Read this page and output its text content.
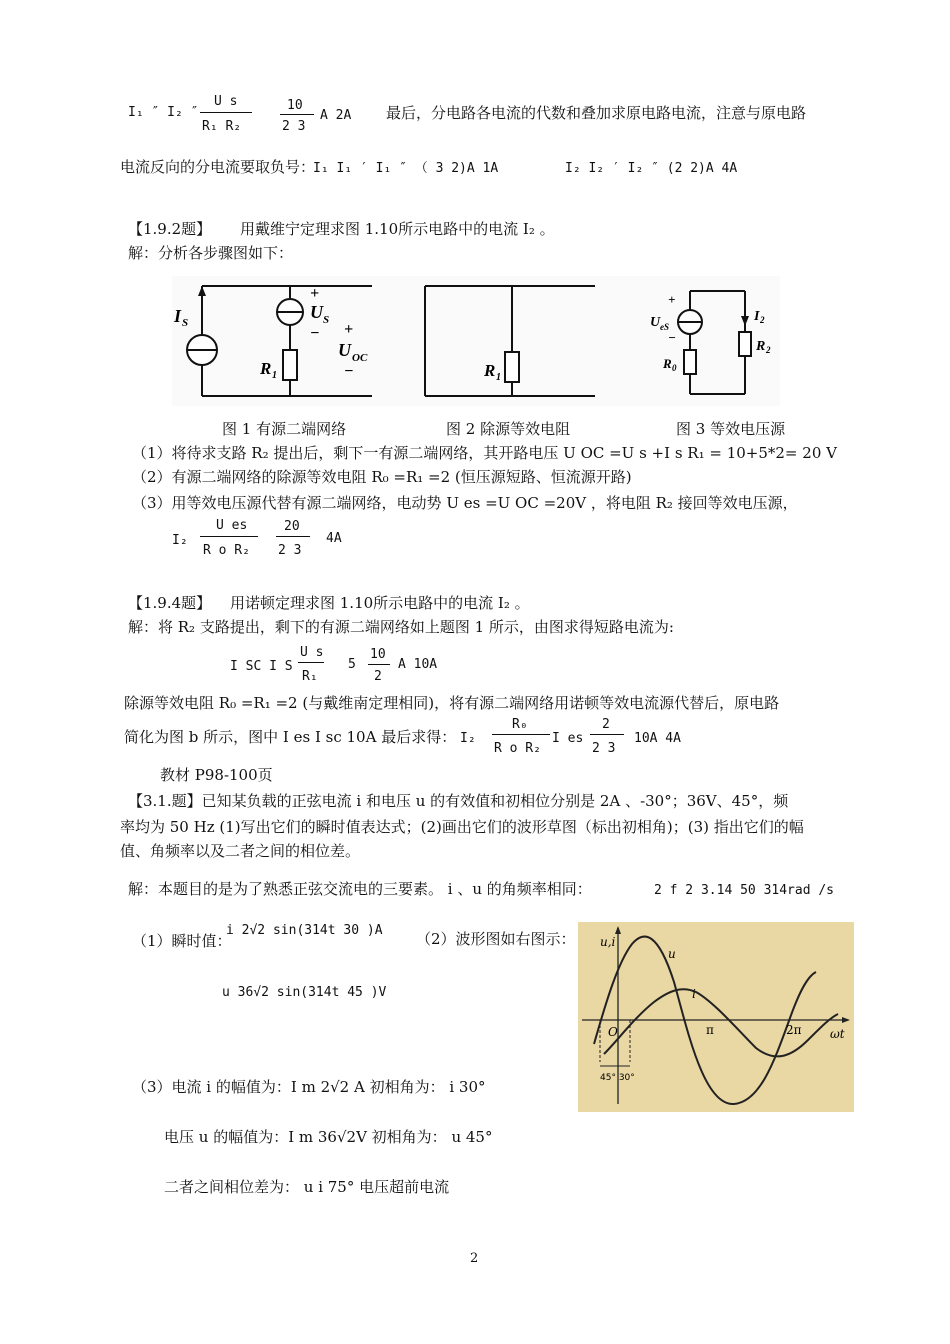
I₁ ″ I₂ ″
U s
R₁ R₂
10
2 3
A 2A 最后，分电路各电流的代数和叠加求原电路电流，注意与原电路
电流反向的分电流要取负号：
I₁ I₁ ′ I₁ ″ （ 3 2)A 1A	I₂ I₂ ′ I₂ ″ (2 2)A 4A
【1.9.2题】 用戴维宁定理求图 1.10所示电路中的电流 I₂ 。
解：分析各步骤图如下：
I S
+
U S
− +
U OC
−
R 1	R 1
+
U eS
−
R 0
I 2
R 2
图 1 有源二端网络	图 2 除源等效电阻	图 3 等效电压源
（1）将待求支路 R₂ 提出后，剩下一有源二端网络，其开路电压 U OC =U s +I s R₁ = 10+5*2= 20 V
（2）有源二端网络的除源等效电阻 R₀ =R₁ =2 (恒压源短路、恒流源开路)
（3）用等效电压源代替有源二端网络，电动势 U es =U OC =20V ，将电阻 R₂ 接回等效电压源，
I₂
U es
R o R₂
20
2 3
4A
【1.9.4题】 用诺顿定理求图 1.10所示电路中的电流 I₂ 。
解：将 R₂ 支路提出，剩下的有源二端网络如上题图 1 所示，由图求得短路电流为:
I SC I S
U s
R₁
5
10
2
A 10A
除源等效电阻 R₀ =R₁ =2 (与戴维南定理相同)，将有源二端网络用诺顿等效电流源代替后，原电路
简化为图 b 所示，图中 I es I sc 10A 最后求得： I₂
R₀
R o R₂
I es
2
2 3
10A 4A
教材 P98-100页
【3.1.题】已知某负载的正弦电流 i 和电压 u 的有效值和初相位分别是 2A 、-30°；36V、45°，频
率均为 50 Hz (1)写出它们的瞬时值表达式；(2)画出它们的波形草图（标出初相角)；(3) 指出它们的幅
值、角频率以及二者之间的相位差。
解：本题目的是为了熟悉正弦交流电的三要素。 i 、u 的角频率相同：	2 f 2 3.14 50 314rad /s
（1）瞬时值：
i 2√2 sin(314t 30 )A （2）波形图如右图示：
u 36√2 sin(314t 45 )V
（3）电流 i 的幅值为：I m 2√2 A 初相角为： i 30°
电压 u 的幅值为：I m 36√2V 初相角为： u 45°
二者之间相位差为： u i 75° 电压超前电流
u,i
u
i
O	π	2π ωt
45° 30°
2
